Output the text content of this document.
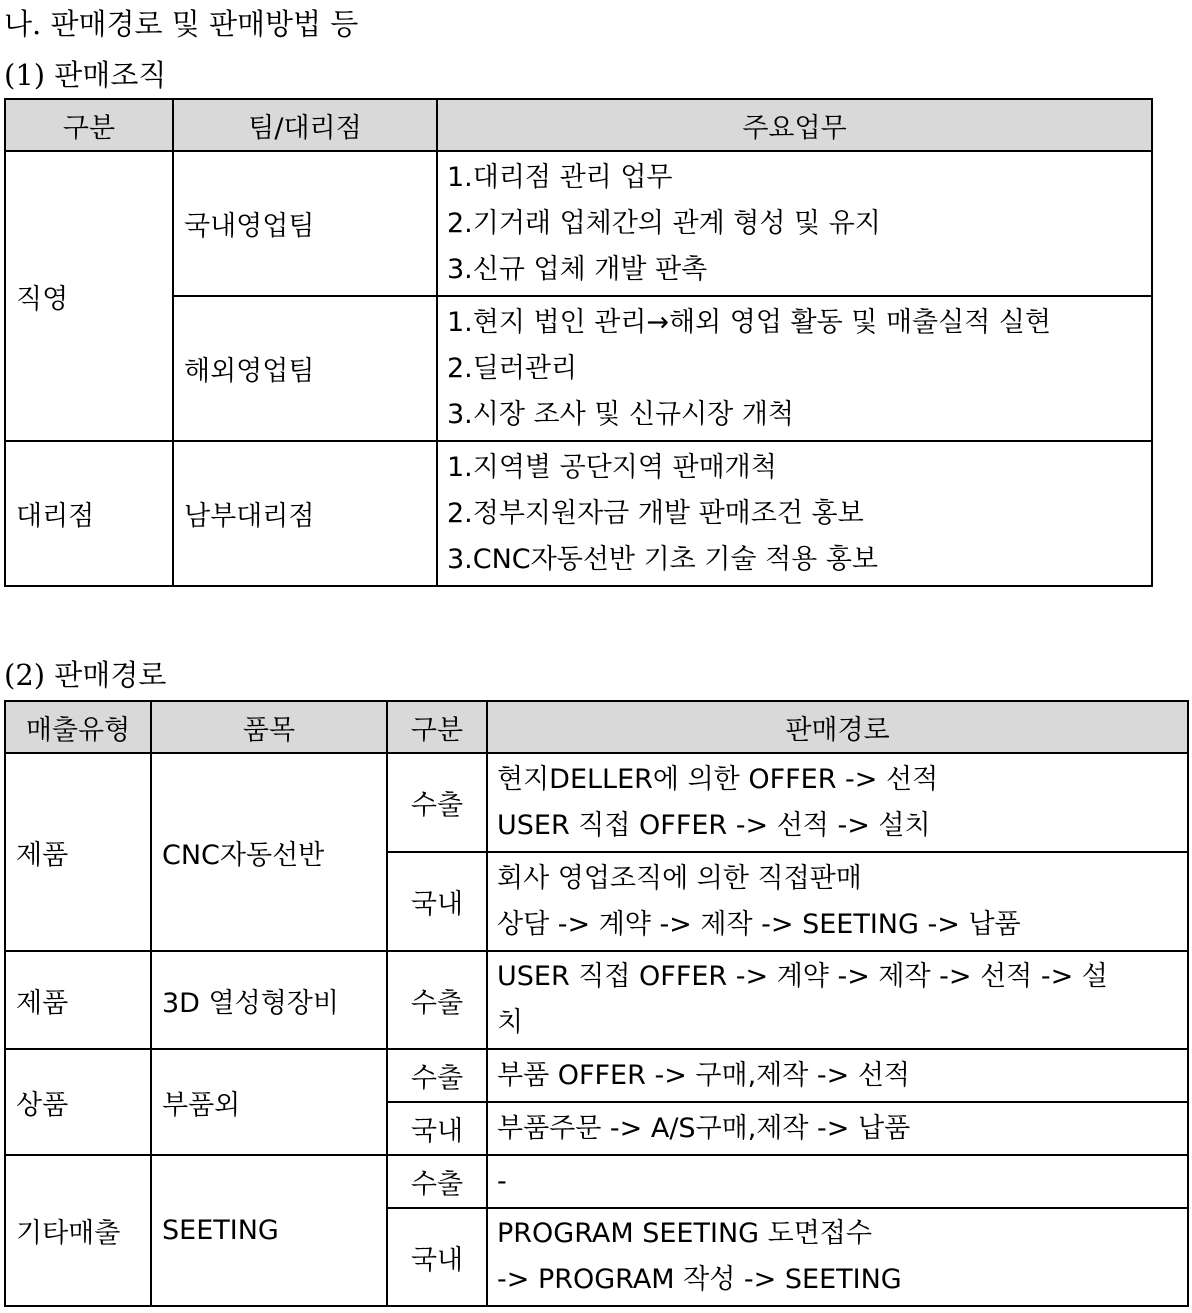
나. 판매경로 및 판매방법 등
(1) 판매조직
구분	팀/대리점	주요업무
직영	국내영업팀	1.대리점 관리 업무
2.기거래 업체간의 관계 형성 및 유지
3.신규 업체 개발 판촉

	해외영업팀	1.현지 법인 관리→해외 영업 활동 및 매출실적 실현
2.딜러관리
3.시장 조사 및 신규시장 개척

대리점	남부대리점	1.지역별 공단지역 판매개척
2.정부지원자금 개발 판매조건 홍보
3.CNC자동선반 기초 기술 적용 홍보
(2) 판매경로
매출유형	품목	구분	판매경로
제품	CNC자동선반	수출	현지DELLER에 의한 OFFER -> 선적
USER 직접 OFFER -> 선적 -> 설치

		국내	회사 영업조직에 의한 직접판매
상담 -> 계약 -> 제작 -> SEETING -> 납품

제품	3D 열성형장비	수출	USER 직접 OFFER -> 계약 -> 제작 -> 선적 -> 설
치

상품	부품외	수출	부품 OFFER -> 구매,제작 -> 선적

		국내	부품주문 -> A/S구매,제작 -> 납품

기타매출	SEETING	수출	-

		국내	PROGRAM SEETING 도면접수
-> PROGRAM 작성 -> SEETING
